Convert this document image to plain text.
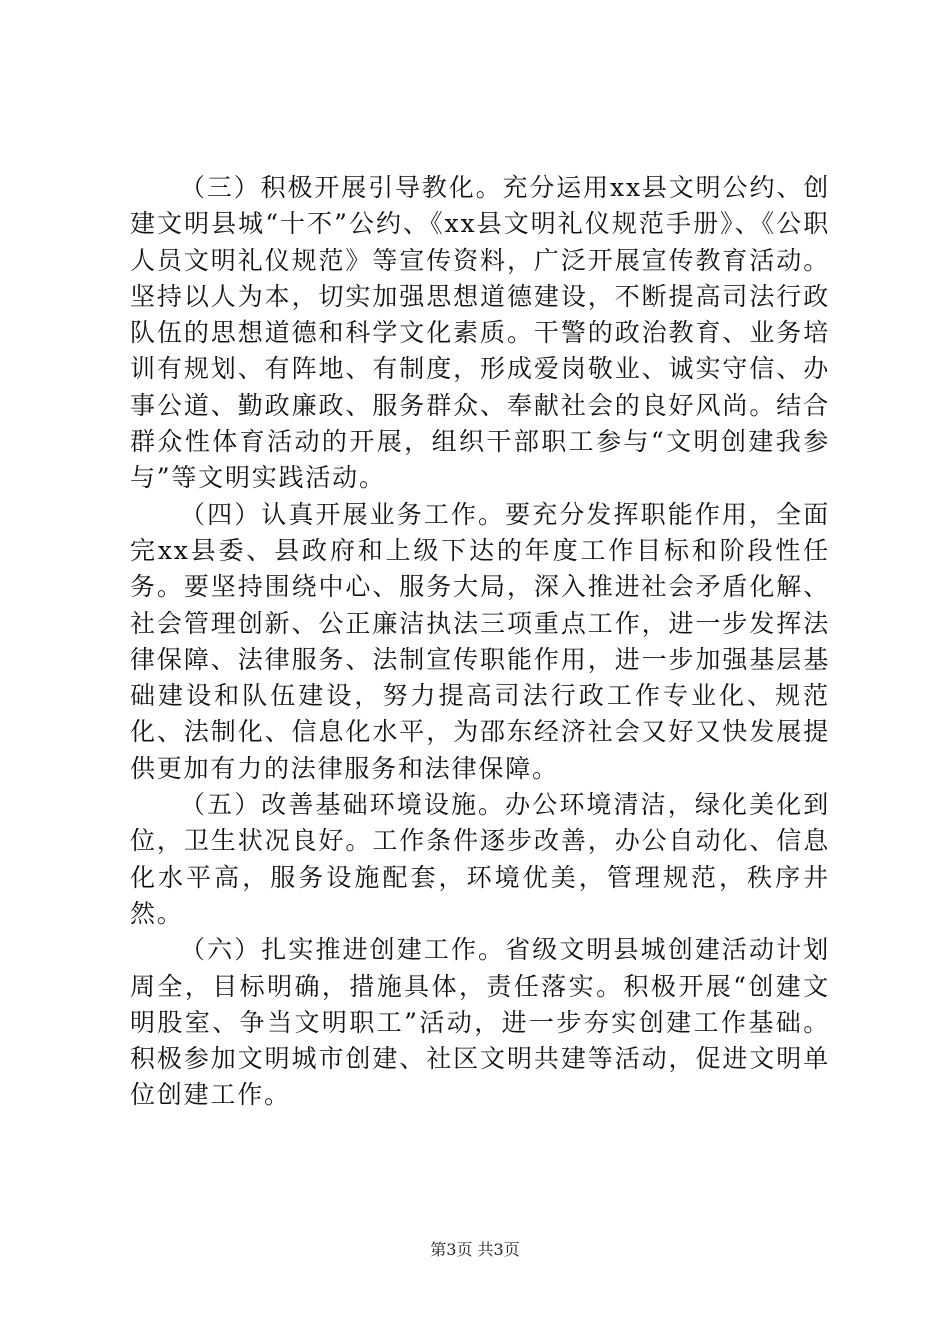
（三）积极开展引导教化。充分运用xx县文明公约、创建文明县城“十不”公约、《xx县文明礼仪规范手册》、《公职人员文明礼仪规范》等宣传资料，广泛开展宣传教育活动。坚持以人为本，切实加强思想道德建设，不断提高司法行政队伍的思想道德和科学文化素质。干警的政治教育、业务培训有规划、有阵地、有制度，形成爱岗敬业、诚实守信、办事公道、勤政廉政、服务群众、奉献社会的良好风尚。结合群众性体育活动的开展，组织干部职工参与“文明创建我参与”等文明实践活动。

（四）认真开展业务工作。要充分发挥职能作用，全面完xx县委、县政府和上级下达的年度工作目标和阶段性任务。要坚持围绕中心、服务大局，深入推进社会矛盾化解、社会管理创新、公正廉洁执法三项重点工作，进一步发挥法律保障、法律服务、法制宣传职能作用，进一步加强基层基础建设和队伍建设，努力提高司法行政工作专业化、规范化、法制化、信息化水平，为邵东经济社会又好又快发展提供更加有力的法律服务和法律保障。

（五）改善基础环境设施。办公环境清洁，绿化美化到位，卫生状况良好。工作条件逐步改善，办公自动化、信息化水平高，服务设施配套，环境优美，管理规范，秩序井然。

（六）扎实推进创建工作。省级文明县城创建活动计划周全，目标明确，措施具体，责任落实。积极开展“创建文明股室、争当文明职工”活动，进一步夯实创建工作基础。积极参加文明城市创建、社区文明共建等活动，促进文明单位创建工作。

第3页 共3页
